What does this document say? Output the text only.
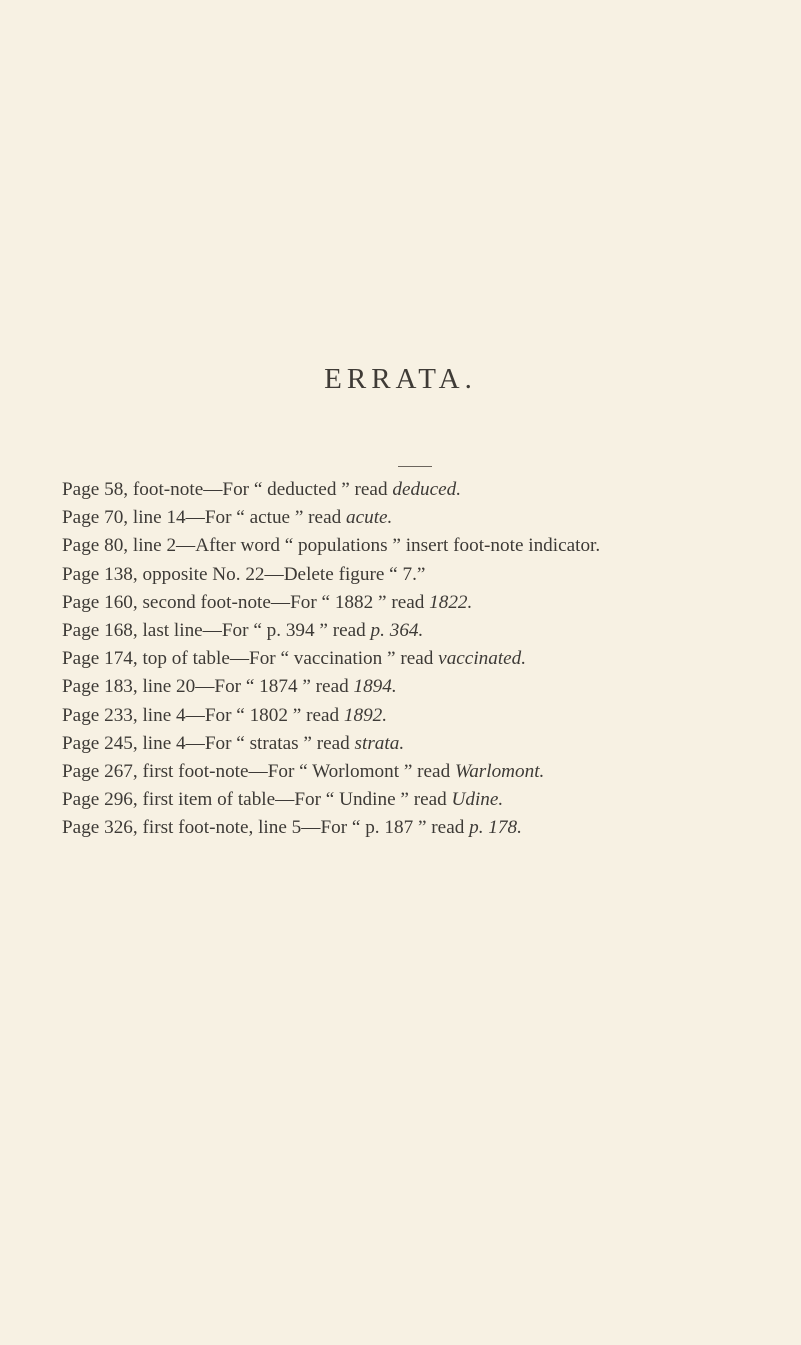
ERRATA.
Page 58, foot-note—For “ deducted ” read deduced.
Page 70, line 14—For “ actue ” read acute.
Page 80, line 2—After word “ populations ” insert foot-note indicator.
Page 138, opposite No. 22—Delete figure “ 7.”
Page 160, second foot-note—For “ 1882 ” read 1822.
Page 168, last line—For “ p. 394 ” read p. 364.
Page 174, top of table—For “ vaccination ” read vaccinated.
Page 183, line 20—For “ 1874 ” read 1894.
Page 233, line 4—For “ 1802 ” read 1892.
Page 245, line 4—For “ stratas ” read strata.
Page 267, first foot-note—For “ Worlomont ” read Warlomont.
Page 296, first item of table—For “ Undine ” read Udine.
Page 326, first foot-note, line 5—For “ p. 187 ” read p. 178.
